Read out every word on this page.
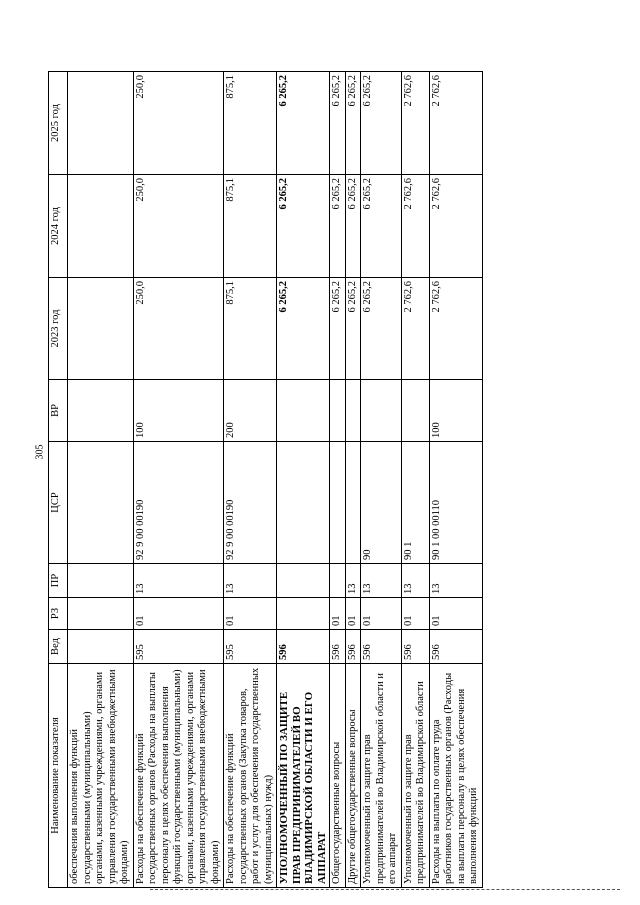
305
Наименование показателя	Вед	РЗ	ПР	ЦСР	ВР	2023 год	2024 год	2025 год
обеспечения выполнения функций государственными (муниципальными) органами, казенными учреждениями, органами управления государственными внебюджетными фондами)								
Расходы на обеспечение функций государственных органов (Расходы на выплаты персоналу в целях обеспечения выполнения функций государственными (муниципальными) органами, казенными учреждениями, органами управления государственными внебюджетными фондами)	595	01	13	92 9 00 00190	100	250,0	250,0	250,0
Расходы на обеспечение функций государственных органов (Закупка товаров, работ и услуг для обеспечения государственных (муниципальных) нужд)	595	01	13	92 9 00 00190	200	875,1	875,1	875,1
УПОЛНОМОЧЕННЫЙ ПО ЗАЩИТЕ ПРАВ ПРЕДПРИНИМАТЕЛЕЙ ВО ВЛАДИМИРСКОЙ ОБЛАСТИ И ЕГО АППАРАТ	596					6 265,2	6 265,2	6 265,2
Общегосударственные вопросы	596	01				6 265,2	6 265,2	6 265,2
Другие общегосударственные вопросы	596	01	13			6 265,2	6 265,2	6 265,2
Уполномоченный по защите прав предпринимателей во Владимирской области и его аппарат	596	01	13	90		6 265,2	6 265,2	6 265,2
Уполномоченный по защите прав предпринимателей во Владимирской области	596	01	13	90 1		2 762,6	2 762,6	2 762,6
Расходы на выплаты по оплате труда работников государственных органов (Расходы на выплаты персоналу в целях обеспечения выполнения функций	596	01	13	90 1 00 00110	100	2 762,6	2 762,6	2 762,6
